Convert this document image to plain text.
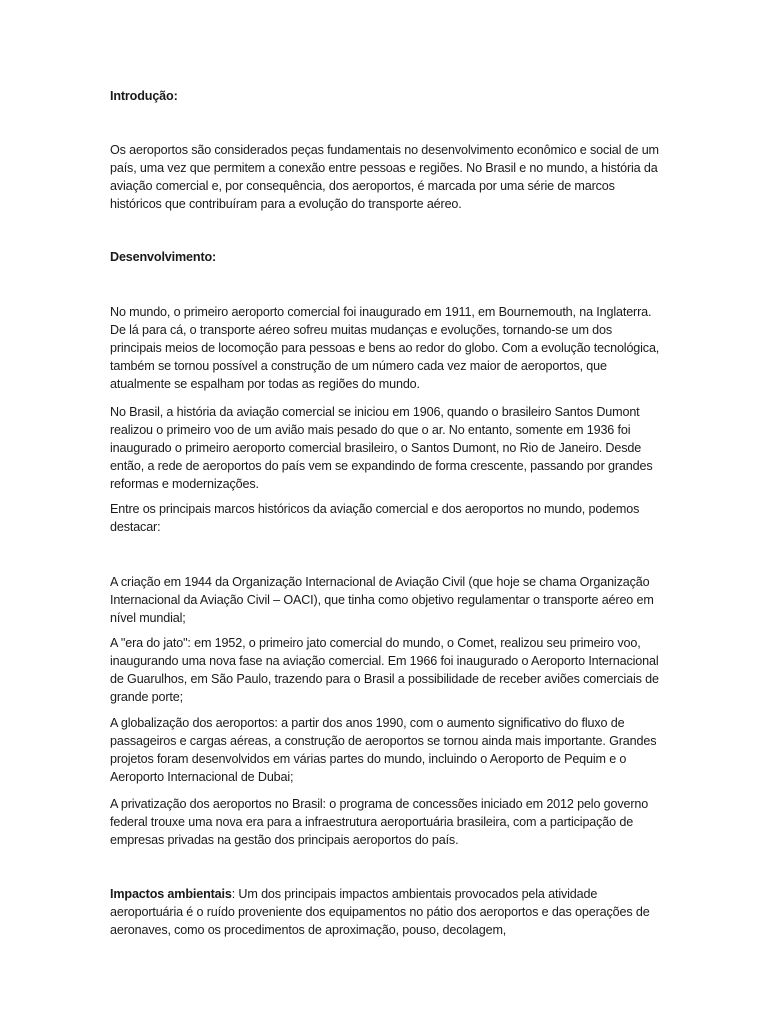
Introdução:

Os aeroportos são considerados peças fundamentais no desenvolvimento econômico e social de um país, uma vez que permitem a conexão entre pessoas e regiões. No Brasil e no mundo, a história da aviação comercial e, por consequência, dos aeroportos, é marcada por uma série de marcos históricos que contribuíram para a evolução do transporte aéreo.

Desenvolvimento:

No mundo, o primeiro aeroporto comercial foi inaugurado em 1911, em Bournemouth, na Inglaterra. De lá para cá, o transporte aéreo sofreu muitas mudanças e evoluções, tornando-se um dos principais meios de locomoção para pessoas e bens ao redor do globo. Com a evolução tecnológica, também se tornou possível a construção de um número cada vez maior de aeroportos, que atualmente se espalham por todas as regiões do mundo.

No Brasil, a história da aviação comercial se iniciou em 1906, quando o brasileiro Santos Dumont realizou o primeiro voo de um avião mais pesado do que o ar. No entanto, somente em 1936 foi inaugurado o primeiro aeroporto comercial brasileiro, o Santos Dumont, no Rio de Janeiro. Desde então, a rede de aeroportos do país vem se expandindo de forma crescente, passando por grandes reformas e modernizações.

Entre os principais marcos históricos da aviação comercial e dos aeroportos no mundo, podemos destacar:

A criação em 1944 da Organização Internacional de Aviação Civil (que hoje se chama Organização Internacional da Aviação Civil – OACI), que tinha como objetivo regulamentar o transporte aéreo em nível mundial;

A "era do jato": em 1952, o primeiro jato comercial do mundo, o Comet, realizou seu primeiro voo, inaugurando uma nova fase na aviação comercial. Em 1966 foi inaugurado o Aeroporto Internacional de Guarulhos, em São Paulo, trazendo para o Brasil a possibilidade de receber aviões comerciais de grande porte;

A globalização dos aeroportos: a partir dos anos 1990, com o aumento significativo do fluxo de passageiros e cargas aéreas, a construção de aeroportos se tornou ainda mais importante. Grandes projetos foram desenvolvidos em várias partes do mundo, incluindo o Aeroporto de Pequim e o Aeroporto Internacional de Dubai;

A privatização dos aeroportos no Brasil: o programa de concessões iniciado em 2012 pelo governo federal trouxe uma nova era para a infraestrutura aeroportuária brasileira, com a participação de empresas privadas na gestão dos principais aeroportos do país.

Impactos ambientais: Um dos principais impactos ambientais provocados pela atividade aeroportuária é o ruído proveniente dos equipamentos no pátio dos aeroportos e das operações de aeronaves, como os procedimentos de aproximação, pouso, decolagem,
